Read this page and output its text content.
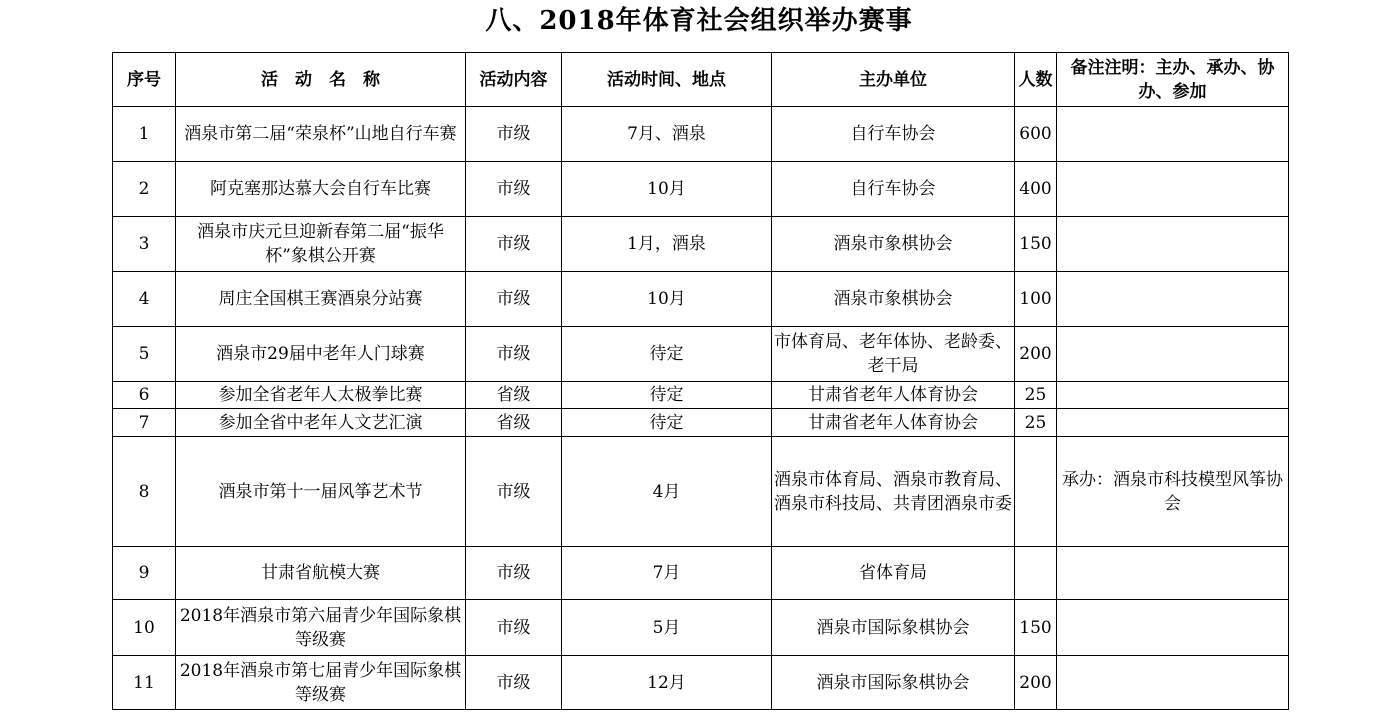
八、2018年体育社会组织举办赛事
序号	活　动　名　称	活动内容	活动时间、地点	主办单位	人数	备注注明：主办、承办、协办、参加
1	酒泉市第二届“荣泉杯”山地自行车赛	市级	7月、酒泉	自行车协会	600	
2	阿克塞那达慕大会自行车比赛	市级	10月	自行车协会	400	
3	酒泉市庆元旦迎新春第二届“振华杯”象棋公开赛	市级	1月，酒泉	酒泉市象棋协会	150	
4	周庄全国棋王赛酒泉分站赛	市级	10月	酒泉市象棋协会	100	
5	酒泉市29届中老年人门球赛	市级	待定	市体育局、老年体协、老龄委、老干局	200	
6	参加全省老年人太极拳比赛	省级	待定	甘肃省老年人体育协会	25	
7	参加全省中老年人文艺汇演	省级	待定	甘肃省老年人体育协会	25	
8	酒泉市第十一届风筝艺术节	市级	4月	酒泉市体育局、酒泉市教育局、酒泉市科技局、共青团酒泉市委		承办：酒泉市科技模型风筝协会
9	甘肃省航模大赛	市级	7月	省体育局		
10	2018年酒泉市第六届青少年国际象棋等级赛	市级	5月	酒泉市国际象棋协会	150	
11	2018年酒泉市第七届青少年国际象棋等级赛	市级	12月	酒泉市国际象棋协会	200	
